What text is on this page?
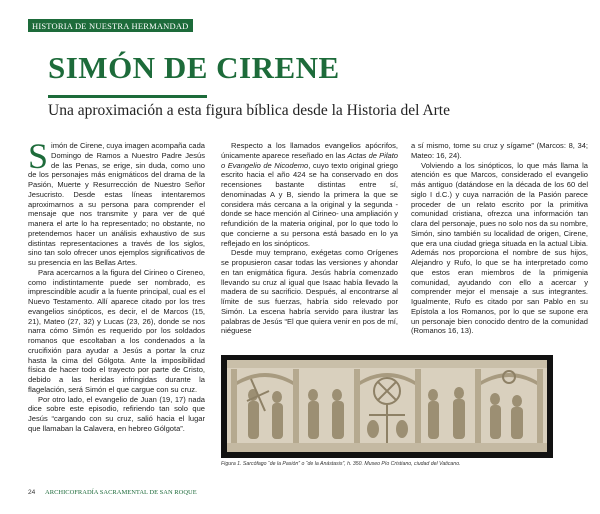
HISTORIA DE NUESTRA HERMANDAD
SIMÓN DE CIRENE
Una aproximación a esta figura bíblica desde la Historia del Arte

Simón de Cirene, cuya imagen acompaña cada Domingo de Ramos a Nuestro Padre Jesús de las Penas, se erige, sin duda, como uno de los personajes más enigmáticos del drama de la Pasión, Muerte y Resurrección de Nuestro Señor Jesucristo. Desde estas líneas intentaremos aproximarnos a su persona para comprender el mensaje que nos transmite y para ver de qué manera el arte lo ha representado; no obstante, no pretendemos hacer un análisis exhaustivo de sus distintas representaciones a través de los siglos, sino tan solo ofrecer unos ejemplos significativos de su presencia en las Bellas Artes.

Para acercarnos a la figura del Cirineo o Cireneo, como indistintamente puede ser nombrado, es imprescindible acudir a la fuente principal, cual es el Nuevo Testamento. Allí aparece citado por los tres evangelios sinópticos, es decir, el de Marcos (15, 21), Mateo (27, 32) y Lucas (23, 26), donde se nos narra cómo Simón es requerido por los soldados romanos que escoltaban a los condenados a la crucifixión para ayudar a Jesús a portar la cruz hasta la cima del Gólgota. Ante la imposibilidad física de hacer todo el trayecto por parte de Cristo, debido a las heridas infringidas durante la flagelación, será Simón el que cargue con su cruz.

Por otro lado, el evangelio de Juan (19, 17) nada dice sobre este episodio, refiriendo tan solo que Jesús “cargando con su cruz, salió hacia el lugar que llamaban la Calavera, en hebreo Gólgota”.

Respecto a los llamados evangelios apócrifos, únicamente aparece reseñado en las Actas de Pilato o Evangelio de Nicodemo, cuyo texto original griego escrito hacia el año 424 se ha conservado en dos recensiones bastante distintas entre sí, denominadas A y B, siendo la primera la que se considera más cercana a la original y la segunda -donde se hace mención al Cirineo- una ampliación y refundición de la materia original, por lo que todo lo que concierne a su persona está basado en lo ya reflejado en los sinópticos.

Desde muy temprano, exégetas como Orígenes se propusieron casar todas las versiones y ahondar en tan enigmática figura. Jesús habría comenzado llevando su cruz al igual que Isaac había llevado la madera de su sacrificio. Después, al encontrarse al límite de sus fuerzas, habría sido relevado por Simón. La escena habría servido para ilustrar las palabras de Jesús “El que quiera venir en pos de mí, niéguese

a sí mismo, tome su cruz y sígame” (Marcos: 8, 34; Mateo: 16, 24).

Volviendo a los sinópticos, lo que más llama la atención es que Marcos, considerado el evangelio más antiguo (datándose en la década de los 60 del siglo I d.C.) y cuya narración de la Pasión parece proceder de un relato escrito por la primitiva comunidad cristiana, ofrezca una información tan clara del personaje, pues no solo nos da su nombre, Simón, sino también su localidad de origen, Cirene, que era una ciudad griega situada en la actual Libia. Además nos proporciona el nombre de sus hijos, Alejandro y Rufo, lo que se ha interpretado como que estos eran miembros de la primigenia comunidad, ayudando con ello a acercar y comprender mejor el mensaje a sus integrantes. Igualmente, Rufo es citado por san Pablo en su Epístola a los Romanos, por lo que se supone era un personaje bien conocido dentro de la comunidad (Romanos 16, 13).

Figura 1. Sarcófago “de la Pasión” o “de la Anástasis”, h. 350. Museo Pío Cristiano, ciudad del Vaticano.
24 ARCHICOFRADÍA SACRAMENTAL DE SAN ROQUE
